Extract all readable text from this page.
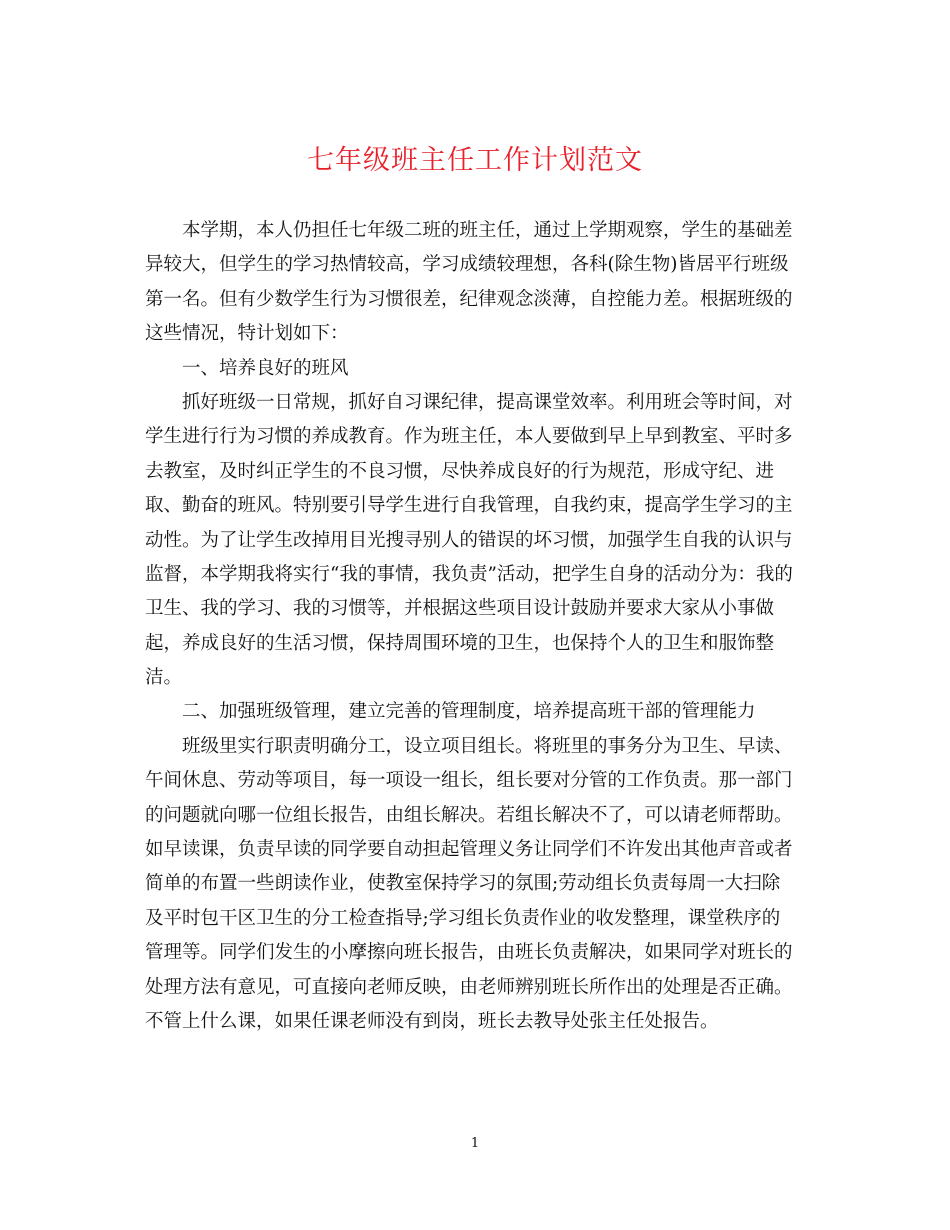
七年级班主任工作计划范文
本学期，本人仍担任七年级二班的班主任，通过上学期观察，学生的基础差
异较大，但学生的学习热情较高，学习成绩较理想，各科(除生物)皆居平行班级
第一名。但有少数学生行为习惯很差，纪律观念淡薄，自控能力差。根据班级的
这些情况，特计划如下：
一、培养良好的班风
抓好班级一日常规，抓好自习课纪律，提高课堂效率。利用班会等时间，对
学生进行行为习惯的养成教育。作为班主任，本人要做到早上早到教室、平时多
去教室，及时纠正学生的不良习惯，尽快养成良好的行为规范，形成守纪、进
取、勤奋的班风。特别要引导学生进行自我管理，自我约束，提高学生学习的主
动性。为了让学生改掉用目光搜寻别人的错误的坏习惯，加强学生自我的认识与
监督，本学期我将实行“我的事情，我负责”活动，把学生自身的活动分为：我的
卫生、我的学习、我的习惯等，并根据这些项目设计鼓励并要求大家从小事做
起，养成良好的生活习惯，保持周围环境的卫生，也保持个人的卫生和服饰整
洁。
二、加强班级管理，建立完善的管理制度，培养提高班干部的管理能力
班级里实行职责明确分工，设立项目组长。将班里的事务分为卫生、早读、
午间休息、劳动等项目，每一项设一组长，组长要对分管的工作负责。那一部门
的问题就向哪一位组长报告，由组长解决。若组长解决不了，可以请老师帮助。
如早读课，负责早读的同学要自动担起管理义务让同学们不许发出其他声音或者
简单的布置一些朗读作业，使教室保持学习的氛围;劳动组长负责每周一大扫除
及平时包干区卫生的分工检查指导;学习组长负责作业的收发整理，课堂秩序的
管理等。同学们发生的小摩擦向班长报告，由班长负责解决，如果同学对班长的
处理方法有意见，可直接向老师反映，由老师辨别班长所作出的处理是否正确。
不管上什么课，如果任课老师没有到岗，班长去教导处张主任处报告。
1
